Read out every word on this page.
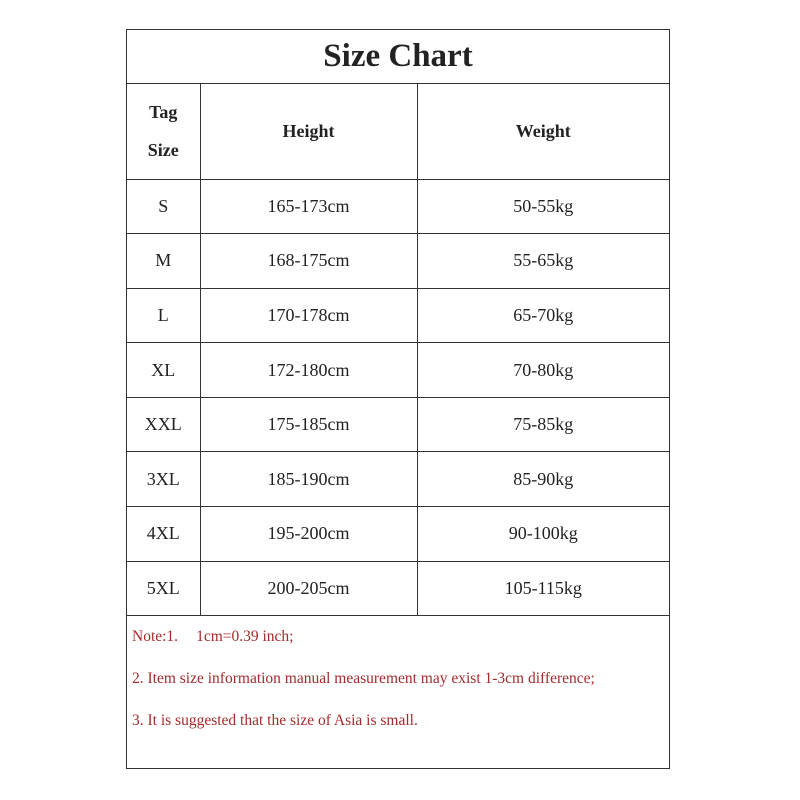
Size Chart
Tag
Size	Height	Weight
S	165-173cm	50-55kg
M	168-175cm	55-65kg
L	170-178cm	65-70kg
XL	172-180cm	70-80kg
XXL	175-185cm	75-85kg
3XL	185-190cm	85-90kg
4XL	195-200cm	90-100kg
5XL	200-205cm	105-115kg
Note:1. 1cm=0.39 inch;
2. Item size information manual measurement may exist 1-3cm difference;
3. It is suggested that the size of Asia is small.
